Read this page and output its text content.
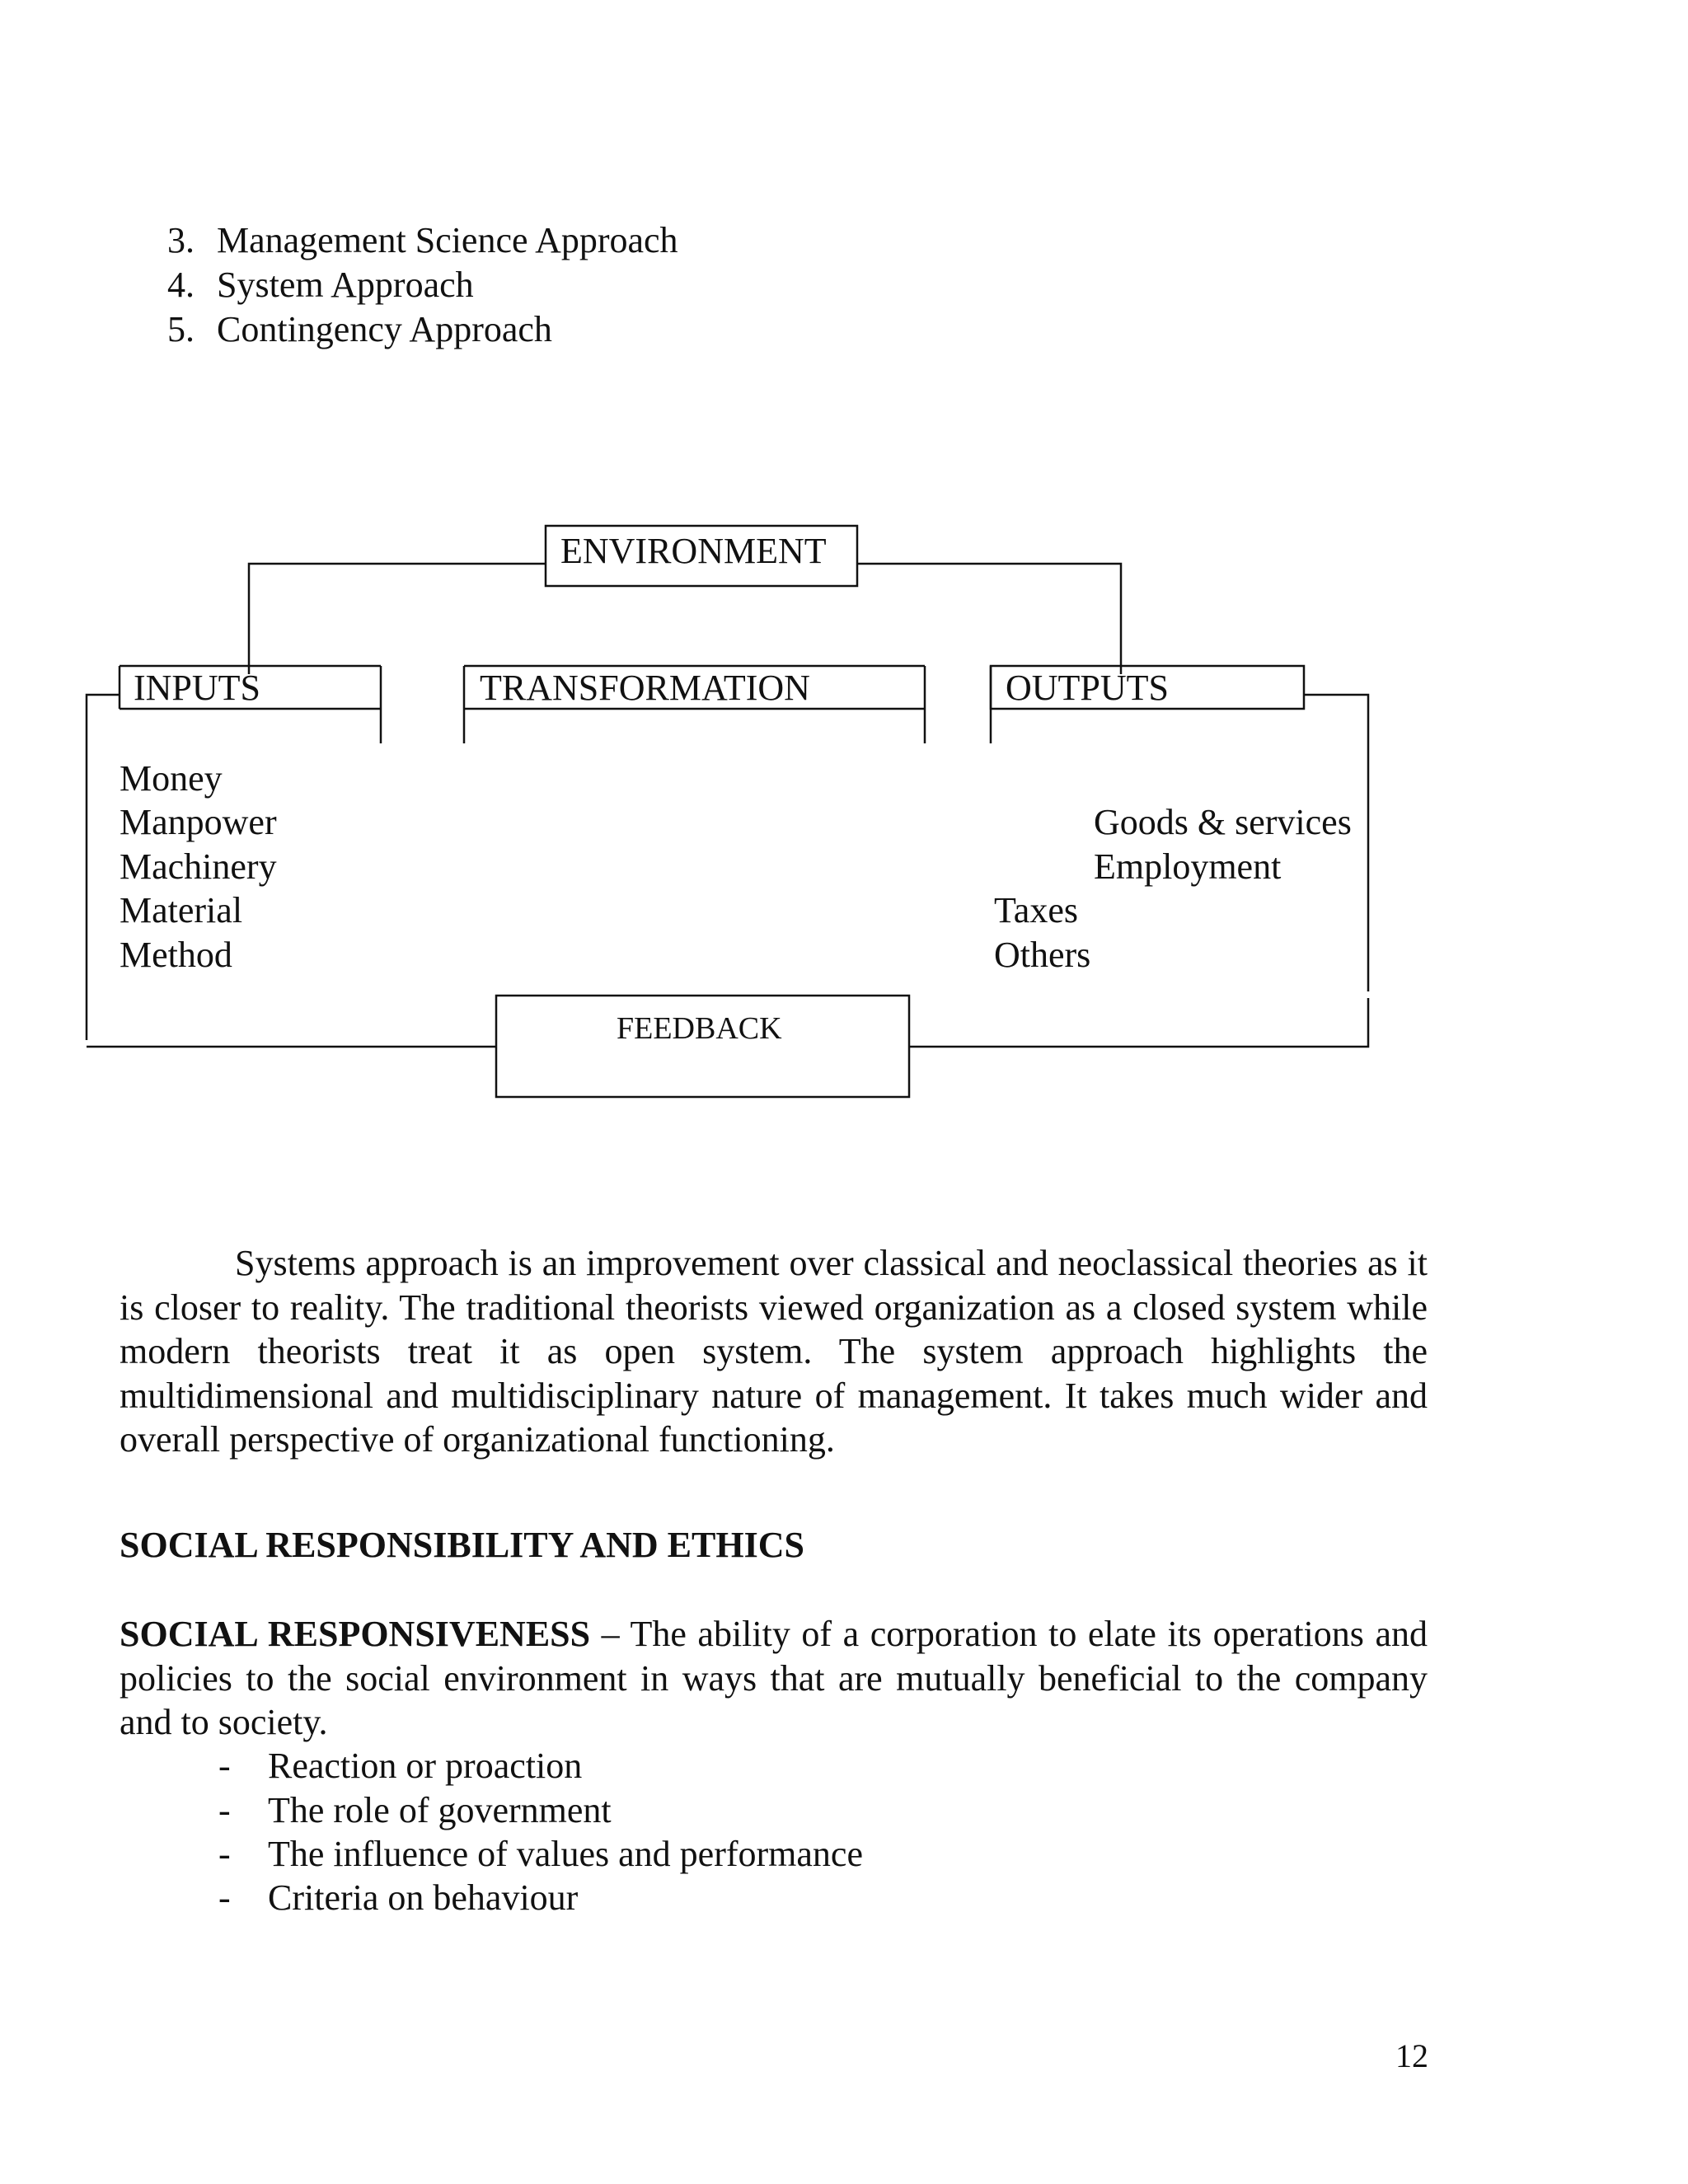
3. Management Science Approach
4. System Approach
5. Contingency Approach
ENVIRONMENT
INPUTS	TRANSFORMATION	OUTPUTS
FEEDBACK
Money
Manpower
Machinery
Material
Method
Goods & services
Employment
Taxes
Others

Systems approach is an improvement over classical and neoclassical theories as it is closer to reality. The traditional theorists viewed organization as a closed system while modern theorists treat it as open system. The system approach highlights the multidimensional and multidisciplinary nature of management. It takes much wider and overall perspective of organizational functioning.

SOCIAL RESPONSIBILITY AND ETHICS

SOCIAL RESPONSIVENESS – The ability of a corporation to elate its operations and policies to the social environment in ways that are mutually beneficial to the company and to society.

- Reaction or proaction
- The role of government
- The influence of values and performance
- Criteria on behaviour
12
